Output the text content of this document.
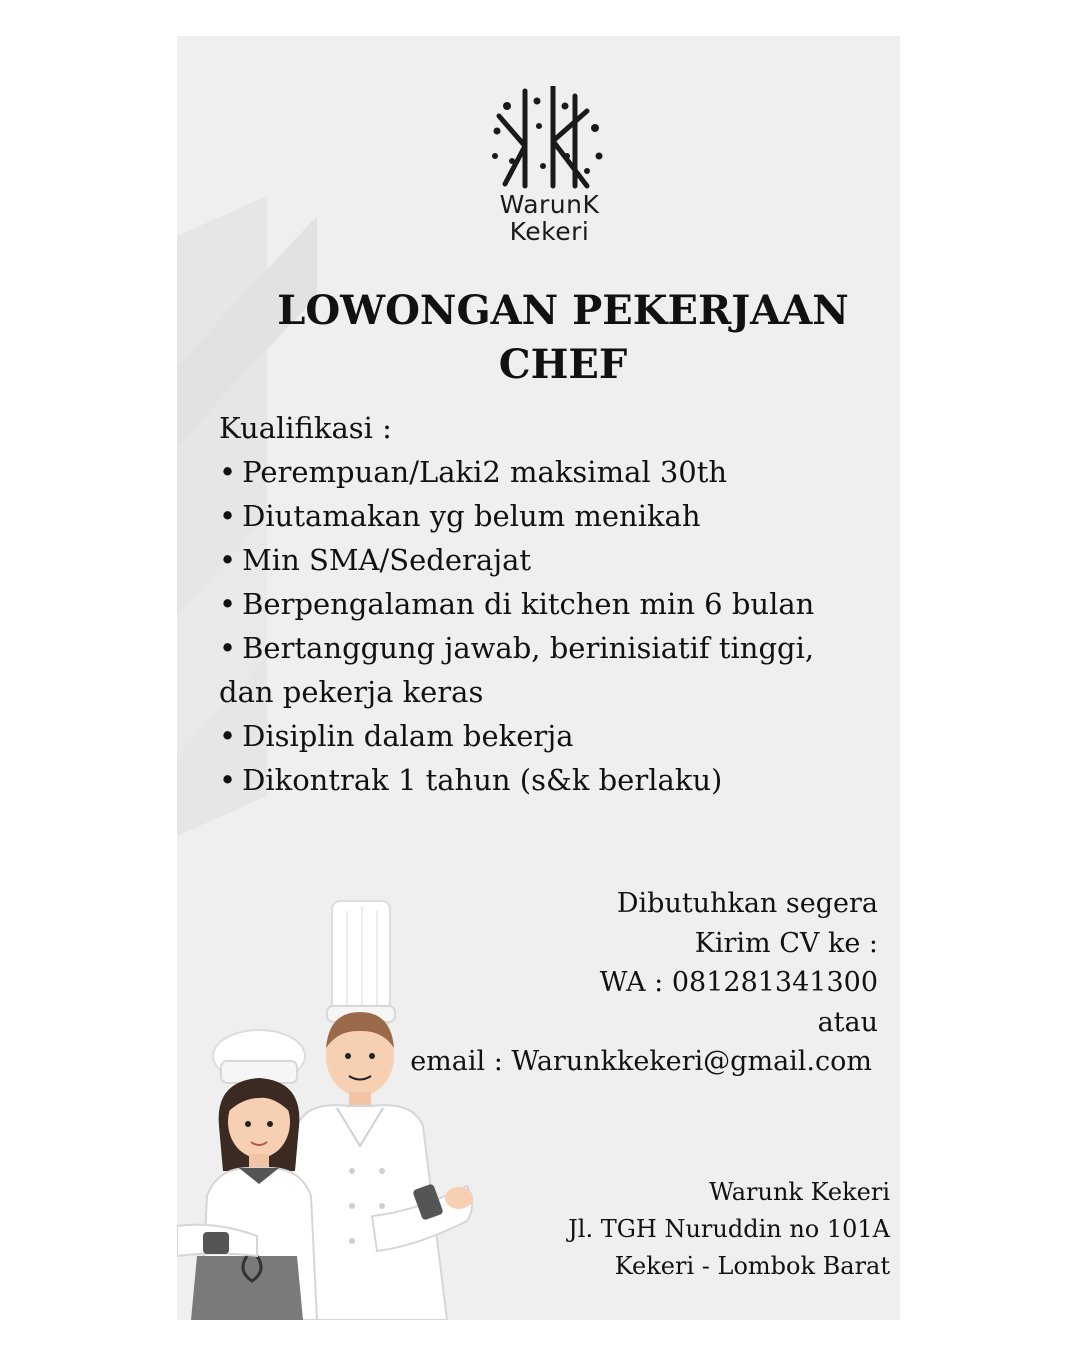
WarunK
Kekeri
LOWONGAN PEKERJAAN
CHEF
Kualifikasi :
• Perempuan/Laki2 maksimal 30th
• Diutamakan yg belum menikah
• Min SMA/Sederajat
• Berpengalaman di kitchen min 6 bulan
• Bertanggung jawab, berinisiatif tinggi,
dan pekerja keras
• Disiplin dalam bekerja
• Dikontrak 1 tahun (s&k berlaku)
Dibutuhkan segera
Kirim CV ke :
WA : 081281341300
atau
email : Warunkkekeri@gmail.com
Warunk Kekeri
Jl. TGH Nuruddin no 101A
Kekeri - Lombok Barat
